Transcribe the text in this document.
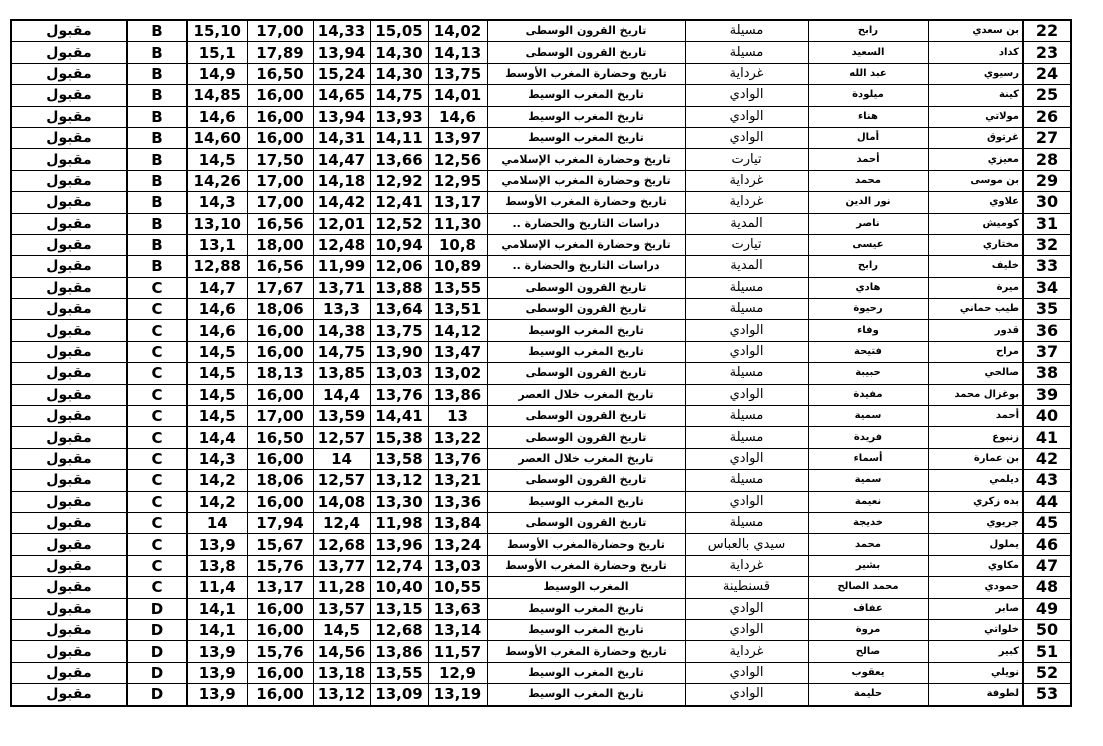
مقبول	B	15,10	17,00	14,33	15,05	14,02	تاريخ القرون الوسطى	مسيلة	رابح	بن سعدي	22
مقبول	B	15,1	17,89	13,94	14,30	14,13	تاريخ القرون الوسطى	مسيلة	السعيد	كداد	23
مقبول	B	14,9	16,50	15,24	14,30	13,75	تاريخ وحضارة المغرب الأوسط	غرداية	عبد الله	رسيوي	24
مقبول	B	14,85	16,00	14,65	14,75	14,01	تاريخ المغرب الوسيط	الوادي	ميلودة	كينة	25
مقبول	B	14,6	16,00	13,94	13,93	14,6	تاريخ المغرب الوسيط	الوادي	هناء	مولاتي	26
مقبول	B	14,60	16,00	14,31	14,11	13,97	تاريخ المغرب الوسيط	الوادي	أمال	غرتوق	27
مقبول	B	14,5	17,50	14,47	13,66	12,56	تاريخ وحضارة المغرب الإسلامي	تيارت	أحمد	معيزي	28
مقبول	B	14,26	17,00	14,18	12,92	12,95	تاريخ وحضارة المغرب الإسلامي	غرداية	محمد	بن موسى	29
مقبول	B	14,3	17,00	14,42	12,41	13,17	تاريخ وحضارة المغرب الأوسط	غرداية	نور الدين	علاوي	30
مقبول	B	13,10	16,56	12,01	12,52	11,30	دراسات التاريخ والحضارة ..	المدية	ناصر	كوميش	31
مقبول	B	13,1	18,00	12,48	10,94	10,8	تاريخ وحضارة المغرب الإسلامي	تيارت	عيسى	مختاري	32
مقبول	B	12,88	16,56	11,99	12,06	10,89	دراسات التاريخ والحضارة ..	المدية	رابح	خليف	33
مقبول	C	14,7	17,67	13,71	13,88	13,55	تاريخ القرون الوسطى	مسيلة	هادي	ميرة	34
مقبول	C	14,6	18,06	13,3	13,64	13,51	تاريخ القرون الوسطى	مسيلة	رحيوة	طيب حماني	35
مقبول	C	14,6	16,00	14,38	13,75	14,12	تاريخ المغرب الوسيط	الوادي	وفاء	قدور	36
مقبول	C	14,5	16,00	14,75	13,90	13,47	تاريخ المغرب الوسيط	الوادي	فتيحة	مراح	37
مقبول	C	14,5	18,13	13,85	13,03	13,02	تاريخ القرون الوسطى	مسيلة	حبيبة	صالحي	38
مقبول	C	14,5	16,00	14,4	13,76	13,86	تاريخ المغرب خلال العصر	الوادي	مفيدة	بوغزال محمد	39
مقبول	C	14,5	17,00	13,59	14,41	13	تاريخ القرون الوسطى	مسيلة	سمية	أحمد	40
مقبول	C	14,4	16,50	12,57	15,38	13,22	تاريخ القرون الوسطى	مسيلة	فريدة	زنبوع	41
مقبول	C	14,3	16,00	14	13,58	13,76	تاريخ المغرب خلال العصر	الوادي	أسماء	بن عمارة	42
مقبول	C	14,2	18,06	12,57	13,12	13,21	تاريخ القرون الوسطى	مسيلة	سمية	ديلمي	43
مقبول	C	14,2	16,00	14,08	13,30	13,36	تاريخ المغرب الوسيط	الوادي	نعيمة	بده زكري	44
مقبول	C	14	17,94	12,4	11,98	13,84	تاريخ القرون الوسطى	مسيلة	خديجة	جريوي	45
مقبول	C	13,9	15,67	12,68	13,96	13,24	تاريخ وحضارةالمغرب الأوسط	سيدي بالعباس	محمد	يملول	46
مقبول	C	13,8	15,76	13,77	12,74	13,03	تاريخ وحضارة المغرب الأوسط	غرداية	بشير	مكاوي	47
مقبول	C	11,4	13,17	11,28	10,40	10,55	المغرب الوسيط	قسنطينة	محمد الصالح	حمودي	48
مقبول	D	14,1	16,00	13,57	13,15	13,63	تاريخ المغرب الوسيط	الوادي	عفاف	صابر	49
مقبول	D	14,1	16,00	14,5	12,68	13,14	تاريخ المغرب الوسيط	الوادي	مروة	خلواتي	50
مقبول	D	13,9	15,76	14,56	13,86	11,57	تاريخ وحضارة المغرب الأوسط	غرداية	صالح	كبير	51
مقبول	D	13,9	16,00	13,18	13,55	12,9	تاريخ المغرب الوسيط	الوادي	يعقوب	نويلي	52
مقبول	D	13,9	16,00	13,12	13,09	13,19	تاريخ المغرب الوسيط	الوادي	حليمة	لطوفة	53
